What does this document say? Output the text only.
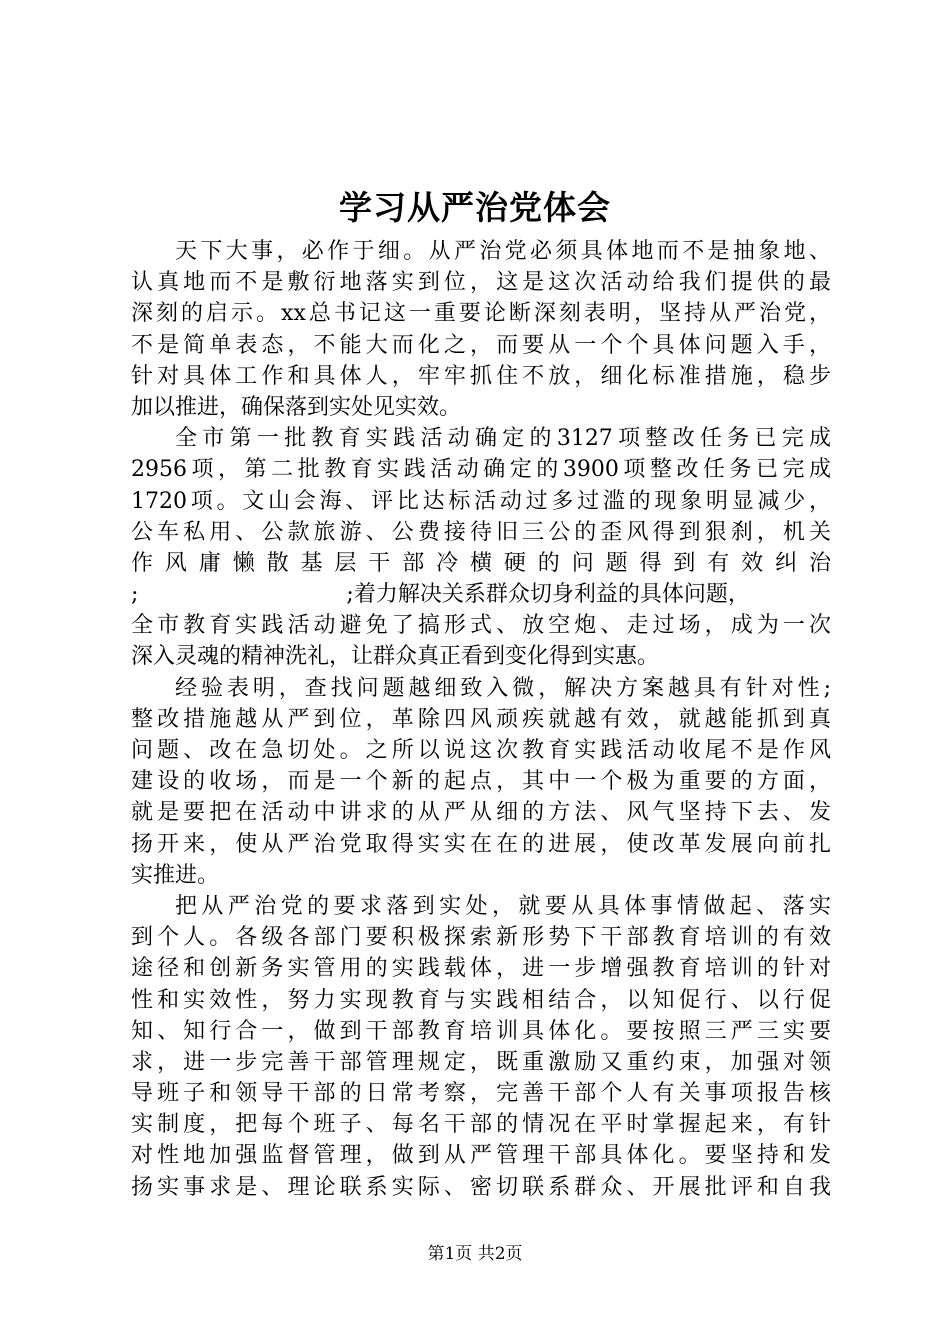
学习从严治党体会
天下大事，必作于细。从严治党必须具体地而不是抽象地、
认真地而不是敷衍地落实到位，这是这次活动给我们提供的最
深刻的启示。xx总书记这一重要论断深刻表明，坚持从严治党，
不是简单表态，不能大而化之，而要从一个个具体问题入手，
针对具体工作和具体人，牢牢抓住不放，细化标准措施，稳步
加以推进，确保落到实处见实效。
全市第一批教育实践活动确定的3127项整改任务已完成
2956项，第二批教育实践活动确定的3900项整改任务已完成
1720项。文山会海、评比达标活动过多过滥的现象明显减少，
公车私用、公款旅游、公费接待旧三公的歪风得到狠刹，机关
作风庸懒散基层干部冷横硬的问题得到有效纠治
;	;着力解决关系群众切身利益的具体问题，
全市教育实践活动避免了搞形式、放空炮、走过场，成为一次
深入灵魂的精神洗礼，让群众真正看到变化得到实惠。
经验表明，查找问题越细致入微，解决方案越具有针对性;
整改措施越从严到位，革除四风顽疾就越有效，就越能抓到真
问题、改在急切处。之所以说这次教育实践活动收尾不是作风
建设的收场，而是一个新的起点，其中一个极为重要的方面，
就是要把在活动中讲求的从严从细的方法、风气坚持下去、发
扬开来，使从严治党取得实实在在的进展，使改革发展向前扎
实推进。
把从严治党的要求落到实处，就要从具体事情做起、落实
到个人。各级各部门要积极探索新形势下干部教育培训的有效
途径和创新务实管用的实践载体，进一步增强教育培训的针对
性和实效性，努力实现教育与实践相结合，以知促行、以行促
知、知行合一，做到干部教育培训具体化。要按照三严三实要
求，进一步完善干部管理规定，既重激励又重约束，加强对领
导班子和领导干部的日常考察，完善干部个人有关事项报告核
实制度，把每个班子、每名干部的情况在平时掌握起来，有针
对性地加强监督管理，做到从严管理干部具体化。要坚持和发
扬实事求是、理论联系实际、密切联系群众、开展批评和自我
第1页 共2页
